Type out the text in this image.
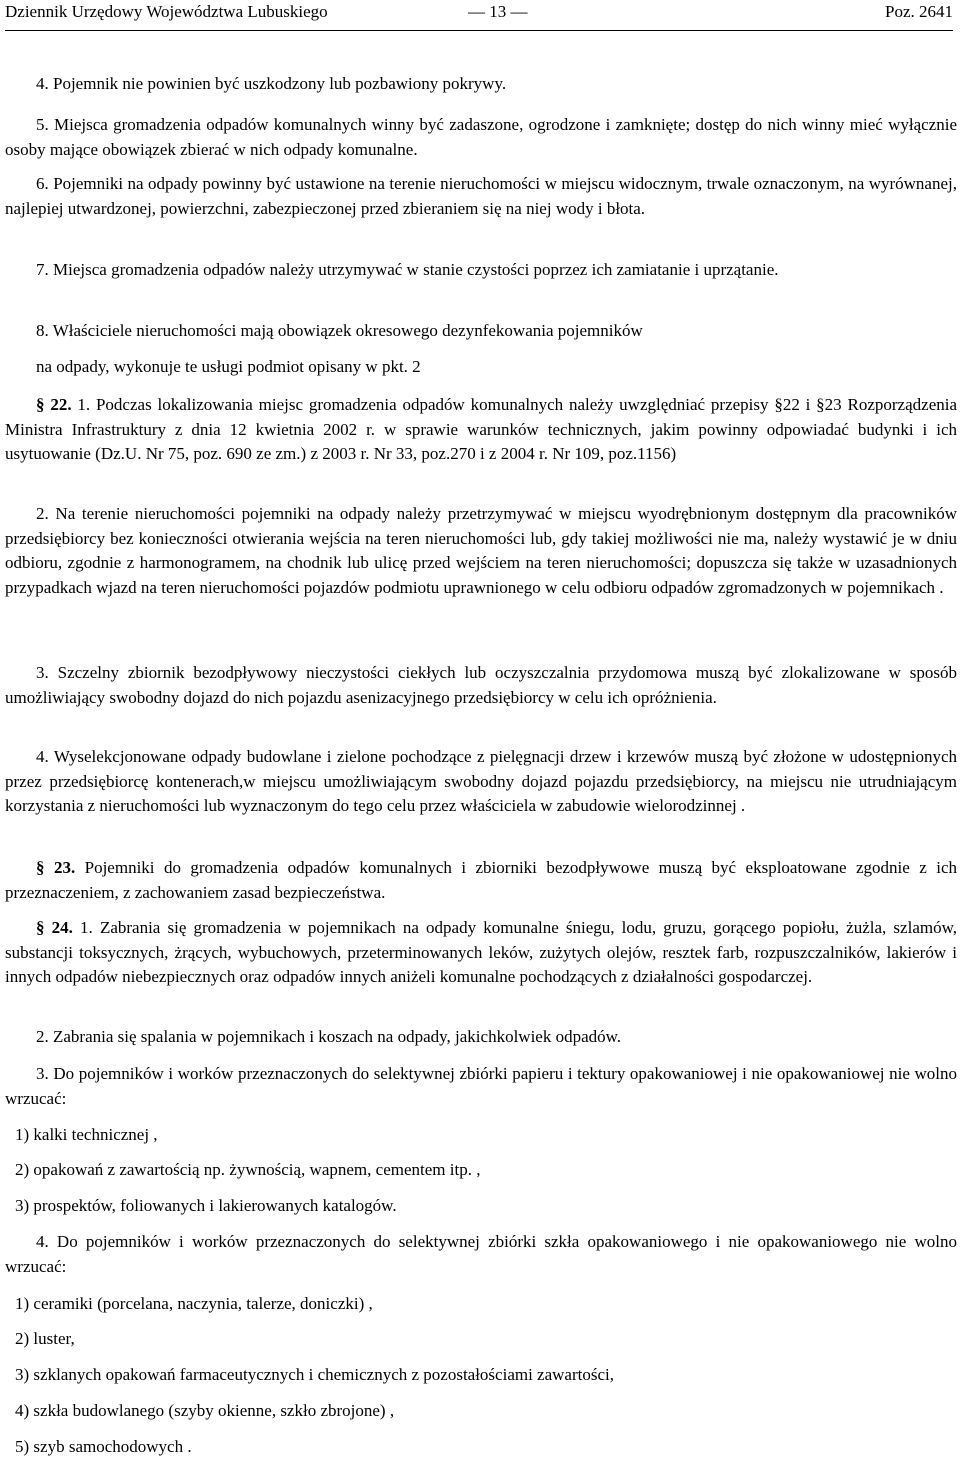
Dziennik Urzędowy Województwa Lubuskiego	— 13 —	Poz. 2641
4. Pojemnik nie powinien być uszkodzony lub pozbawiony pokrywy.
5. Miejsca gromadzenia odpadów komunalnych winny być zadaszone, ogrodzone i zamknięte; dostęp do nich winny mieć wyłącznie osoby mające obowiązek zbierać w nich odpady komunalne.
6. Pojemniki na odpady powinny być ustawione na terenie nieruchomości w miejscu widocznym, trwale oznaczonym, na wyrównanej, najlepiej utwardzonej, powierzchni, zabezpieczonej przed zbieraniem się na niej wody i błota.
7. Miejsca gromadzenia odpadów należy utrzymywać w stanie czystości poprzez ich zamiatanie i uprzątanie.
8. Właściciele nieruchomości mają obowiązek okresowego dezynfekowania pojemników
na odpady, wykonuje te usługi podmiot opisany w pkt. 2
§ 22. 1. Podczas lokalizowania miejsc gromadzenia odpadów komunalnych należy uwzględniać przepisy §22 i §23 Rozporządzenia Ministra Infrastruktury z dnia 12 kwietnia 2002 r. w sprawie warunków technicznych, jakim powinny odpowiadać budynki i ich usytuowanie (Dz.U. Nr 75, poz. 690 ze zm.) z 2003 r. Nr 33, poz.270 i z 2004 r. Nr 109, poz.1156)
2. Na terenie nieruchomości pojemniki na odpady należy przetrzymywać w miejscu wyodrębnionym dostępnym dla pracowników przedsiębiorcy bez konieczności otwierania wejścia na teren nieruchomości lub, gdy takiej możliwości nie ma, należy wystawić je w dniu odbioru, zgodnie z harmonogramem, na chodnik lub ulicę przed wejściem na teren nieruchomości; dopuszcza się także w uzasadnionych przypadkach wjazd na teren nieruchomości pojazdów podmiotu uprawnionego w celu odbioru odpadów zgromadzonych w pojemnikach .
3. Szczelny zbiornik bezodpływowy nieczystości ciekłych lub oczyszczalnia przydomowa muszą być zlokalizowane w sposób umożliwiający swobodny dojazd do nich pojazdu asenizacyjnego przedsiębiorcy w celu ich opróżnienia.
4. Wyselekcjonowane odpady budowlane i zielone pochodzące z pielęgnacji drzew i krzewów muszą być złożone w udostępnionych przez przedsiębiorcę kontenerach,w miejscu umożliwiającym swobodny dojazd pojazdu przedsiębiorcy, na miejscu nie utrudniającym korzystania z nieruchomości lub wyznaczonym do tego celu przez właściciela w zabudowie wielorodzinnej .
§ 23. Pojemniki do gromadzenia odpadów komunalnych i zbiorniki bezodpływowe muszą być eksploatowane zgodnie z ich przeznaczeniem, z zachowaniem zasad bezpieczeństwa.
§ 24. 1. Zabrania się gromadzenia w pojemnikach na odpady komunalne śniegu, lodu, gruzu, gorącego popiołu, żużla, szlamów, substancji toksycznych, żrących, wybuchowych, przeterminowanych leków, zużytych olejów, resztek farb, rozpuszczalników, lakierów i innych odpadów niebezpiecznych oraz odpadów innych aniżeli komunalne pochodzących z działalności gospodarczej.
2. Zabrania się spalania w pojemnikach i koszach na odpady, jakichkolwiek odpadów.
3. Do pojemników i worków przeznaczonych do selektywnej zbiórki papieru i tektury opakowaniowej i nie opakowaniowej nie wolno wrzucać:
1) kalki technicznej ,
2) opakowań z zawartością np. żywnością, wapnem, cementem itp. ,
3) prospektów, foliowanych i lakierowanych katalogów.
4. Do pojemników i worków przeznaczonych do selektywnej zbiórki szkła opakowaniowego i nie opakowaniowego nie wolno wrzucać:
1) ceramiki (porcelana, naczynia, talerze, doniczki) ,
2) luster,
3) szklanych opakowań farmaceutycznych i chemicznych z pozostałościami zawartości,
4) szkła budowlanego (szyby okienne, szkło zbrojone) ,
5) szyb samochodowych .
